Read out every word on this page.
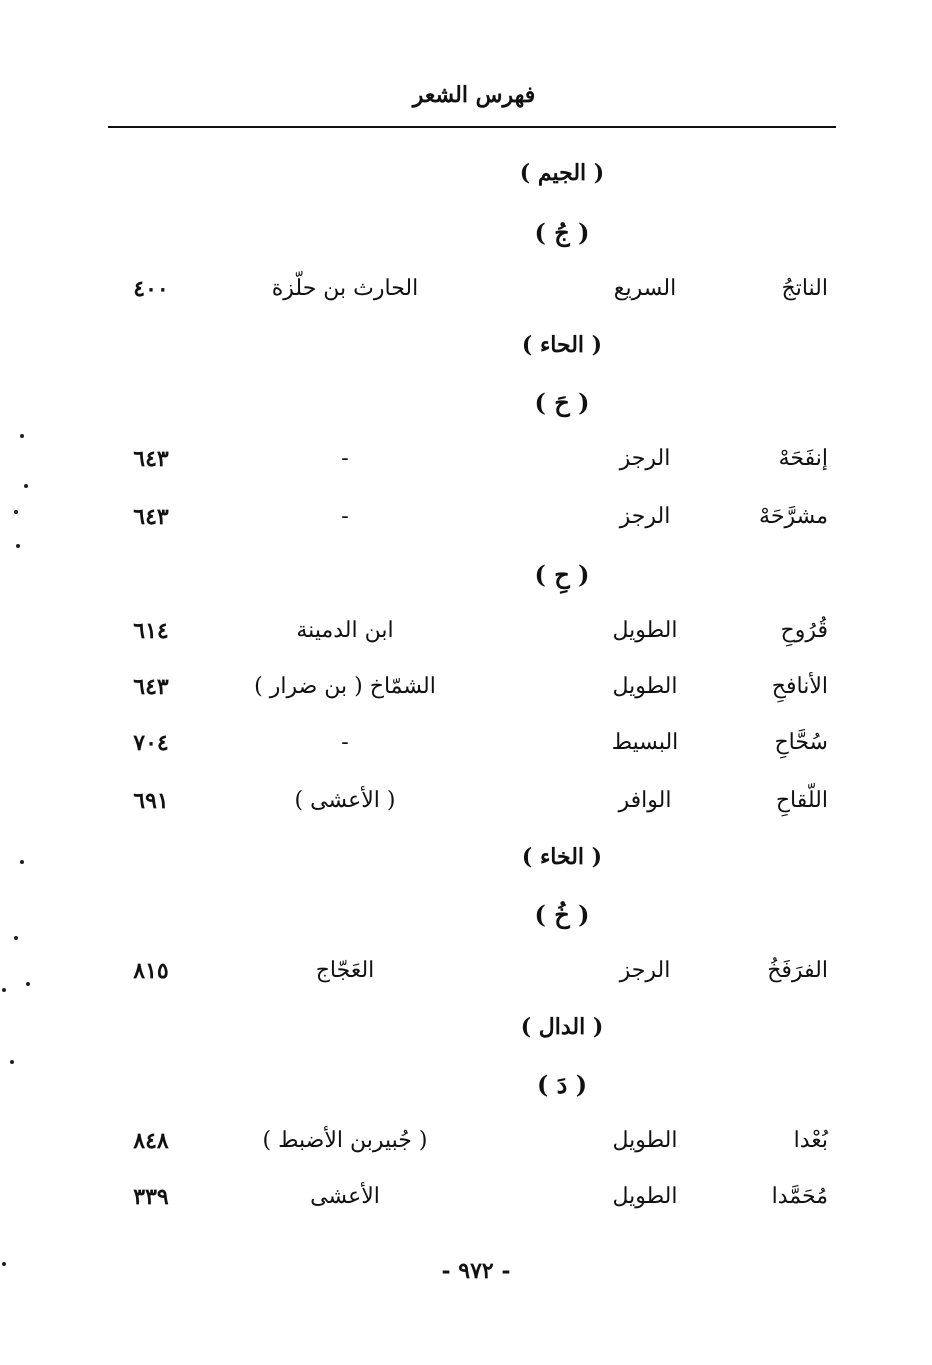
فهرس الشعر
( الجيم )
( جُ )
الناتجُ
السريع
الحارث بن حلّزة
٤٠٠
( الحاء )
( حَ )
إنفَحَهْ
الرجز
-
٦٤٣
مشرَّحَهْ
الرجز
-
٦٤٣
( حِ )
قُرُوحِ
الطويل
ابن الدمينة
٦١٤
الأنافحِ
الطويل
الشمّاخ ( بن ضرار )
٦٤٣
سُحَّاحِ
البسيط
-
٧٠٤
اللّقاحِ
الوافر
( الأعشى )
٦٩١
( الخاء )
( خُ )
الفرَفَخُ
الرجز
العَجّاج
٨١٥
( الدال )
( دَ )
بُعْدا
الطويل
( جُبيربن الأضبط )
٨٤٨
مُحَمَّدا
الطويل
الأعشى
٣٣٩
- ٩٧٢ -
